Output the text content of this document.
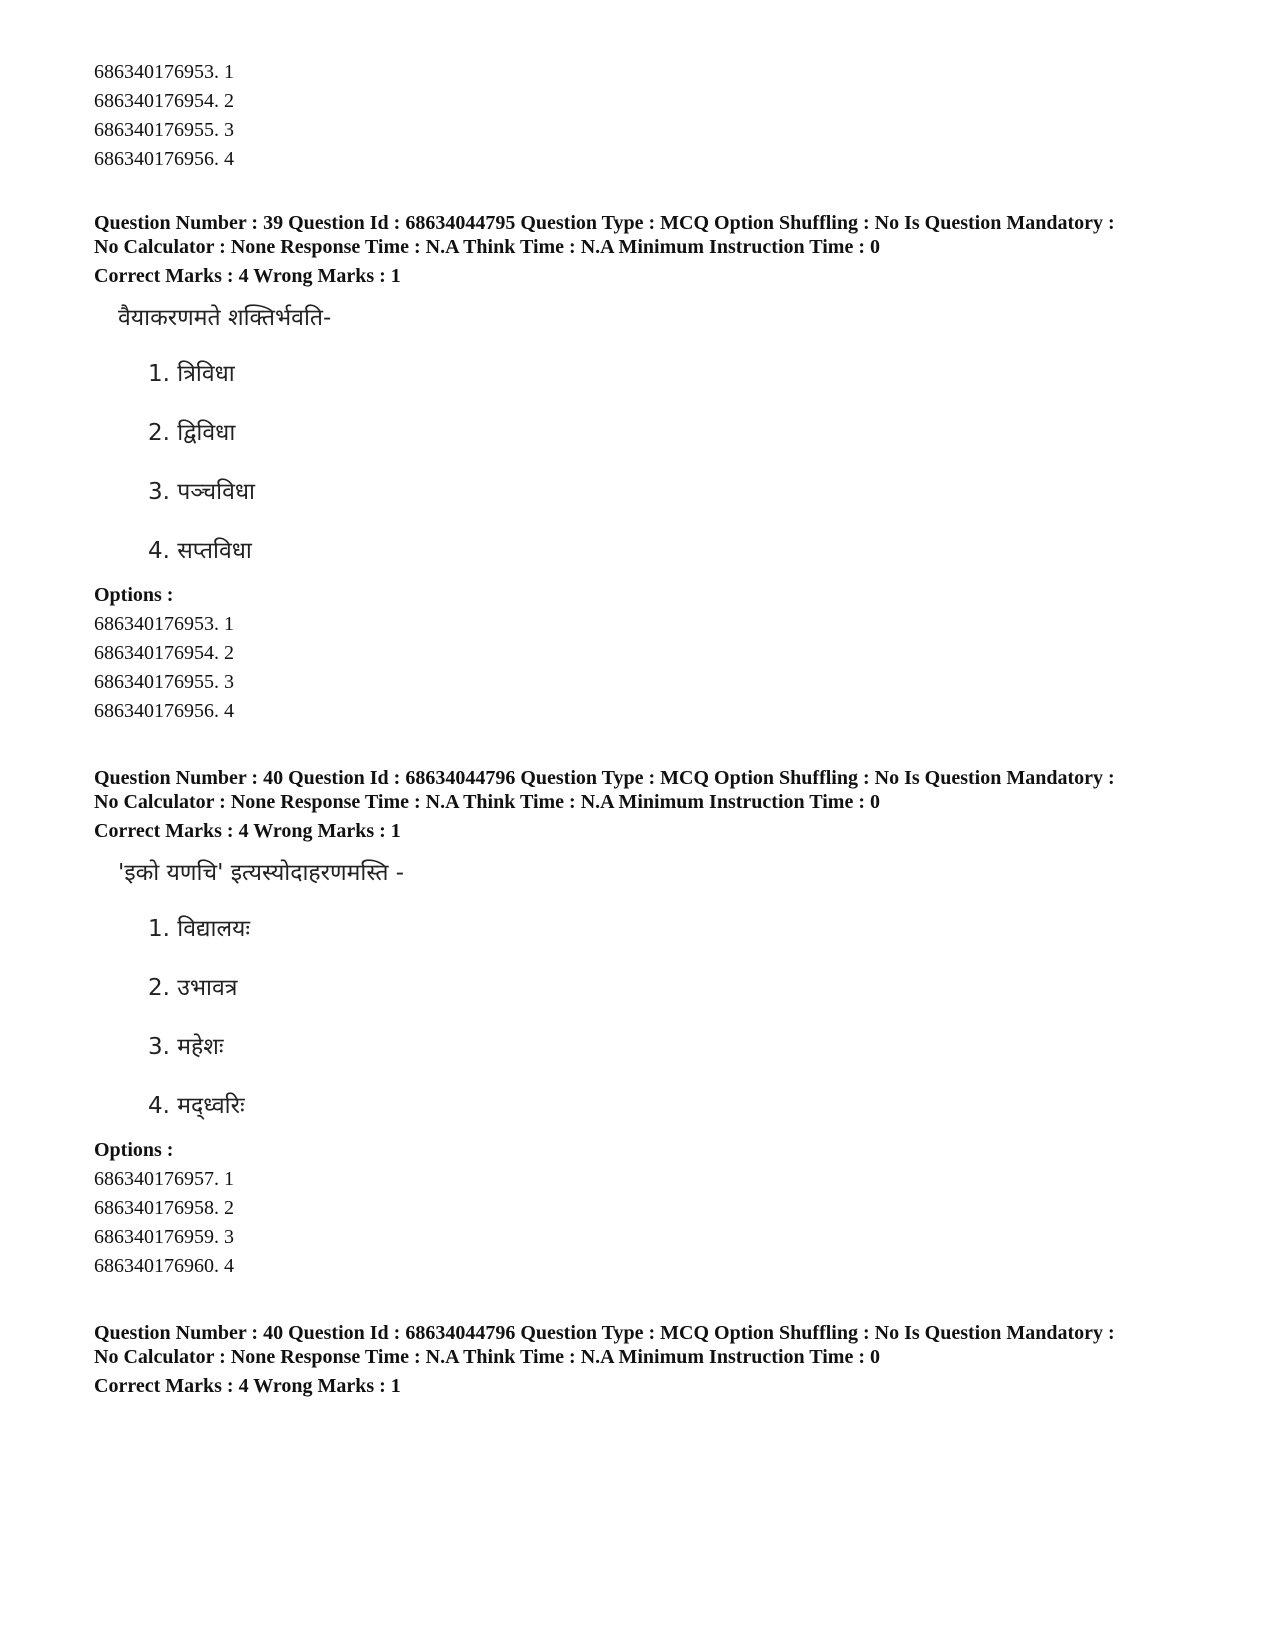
686340176953. 1
686340176954. 2
686340176955. 3
686340176956. 4

Question Number : 39 Question Id : 68634044795 Question Type : MCQ Option Shuffling : No Is Question Mandatory :

No Calculator : None Response Time : N.A Think Time : N.A Minimum Instruction Time : 0

Correct Marks : 4 Wrong Marks : 1
वैयाकरणमते शक्तिर्भवति-
1. त्रिविधा
2. द्विविधा
3. पञ्चविधा
4. सप्तविधा
Options :
686340176953. 1
686340176954. 2
686340176955. 3
686340176956. 4

Question Number : 40 Question Id : 68634044796 Question Type : MCQ Option Shuffling : No Is Question Mandatory :

No Calculator : None Response Time : N.A Think Time : N.A Minimum Instruction Time : 0

Correct Marks : 4 Wrong Marks : 1
'इको यणचि' इत्यस्योदाहरणमस्ति -
1. विद्यालयः
2. उभावत्र
3. महेशः
4. मद्ध्वरिः
Options :
686340176957. 1
686340176958. 2
686340176959. 3
686340176960. 4

Question Number : 40 Question Id : 68634044796 Question Type : MCQ Option Shuffling : No Is Question Mandatory :

No Calculator : None Response Time : N.A Think Time : N.A Minimum Instruction Time : 0

Correct Marks : 4 Wrong Marks : 1
